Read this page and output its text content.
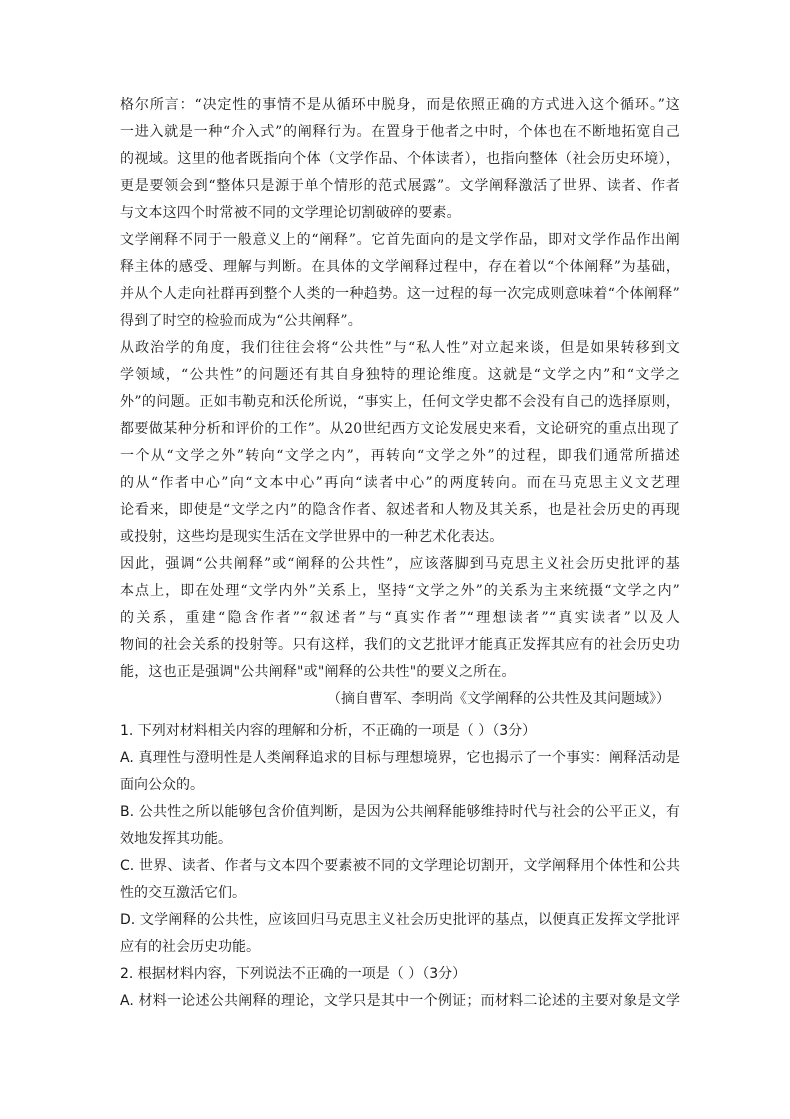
格尔所言：“决定性的事情不是从循环中脱身，而是依照正确的方式进入这个循环。”这
一进入就是一种“介入式”的阐释行为。在置身于他者之中时，个体也在不断地拓宽自己
的视域。这里的他者既指向个体（文学作品、个体读者），也指向整体（社会历史环境），
更是要领会到“整体只是源于单个情形的范式展露”。文学阐释激活了世界、读者、作者
与文本这四个时常被不同的文学理论切割破碎的要素。
文学阐释不同于一般意义上的“阐释”。它首先面向的是文学作品，即对文学作品作出阐
释主体的感受、理解与判断。在具体的文学阐释过程中，存在着以“个体阐释”为基础，
并从个人走向社群再到整个人类的一种趋势。这一过程的每一次完成则意味着“个体阐释”
得到了时空的检验而成为“公共阐释”。
从政治学的角度，我们往往会将“公共性”与“私人性”对立起来谈，但是如果转移到文
学领域，“公共性”的问题还有其自身独特的理论维度。这就是“文学之内”和“文学之
外”的问题。正如韦勒克和沃伦所说，“事实上，任何文学史都不会没有自己的选择原则，
都要做某种分析和评价的工作”。从20世纪西方文论发展史来看，文论研究的重点出现了
一个从“文学之外”转向“文学之内”，再转向“文学之外”的过程，即我们通常所描述
的从“作者中心”向“文本中心”再向“读者中心”的两度转向。而在马克思主义文艺理
论看来，即使是“文学之内”的隐含作者、叙述者和人物及其关系，也是社会历史的再现
或投射，这些均是现实生活在文学世界中的一种艺术化表达。
因此，强调“公共阐释”或“阐释的公共性”，应该落脚到马克思主义社会历史批评的基
本点上，即在处理“文学内外”关系上，坚持“文学之外”的关系为主来统摄“文学之内”
的关系，重建“隐含作者”“叙述者”与“真实作者”“理想读者”“真实读者”以及人
物间的社会关系的投射等。只有这样，我们的文艺批评才能真正发挥其应有的社会历史功
能，这也正是强调"公共阐释"或"阐释的公共性"的要义之所在。
（摘自曹军、李明尚《文学阐释的公共性及其问题域》）
1. 下列对材料相关内容的理解和分析，不正确的一项是（ ）（3分）
A. 真理性与澄明性是人类阐释追求的目标与理想境界，它也揭示了一个事实：阐释活动是
面向公众的。
B. 公共性之所以能够包含价值判断，是因为公共阐释能够维持时代与社会的公平正义，有
效地发挥其功能。
C. 世界、读者、作者与文本四个要素被不同的文学理论切割开，文学阐释用个体性和公共
性的交互激活它们。
D. 文学阐释的公共性，应该回归马克思主义社会历史批评的基点，以便真正发挥文学批评
应有的社会历史功能。
2. 根据材料内容，下列说法不正确的一项是（ ）（3分）
A. 材料一论述公共阐释的理论，文学只是其中一个例证；而材料二论述的主要对象是文学
